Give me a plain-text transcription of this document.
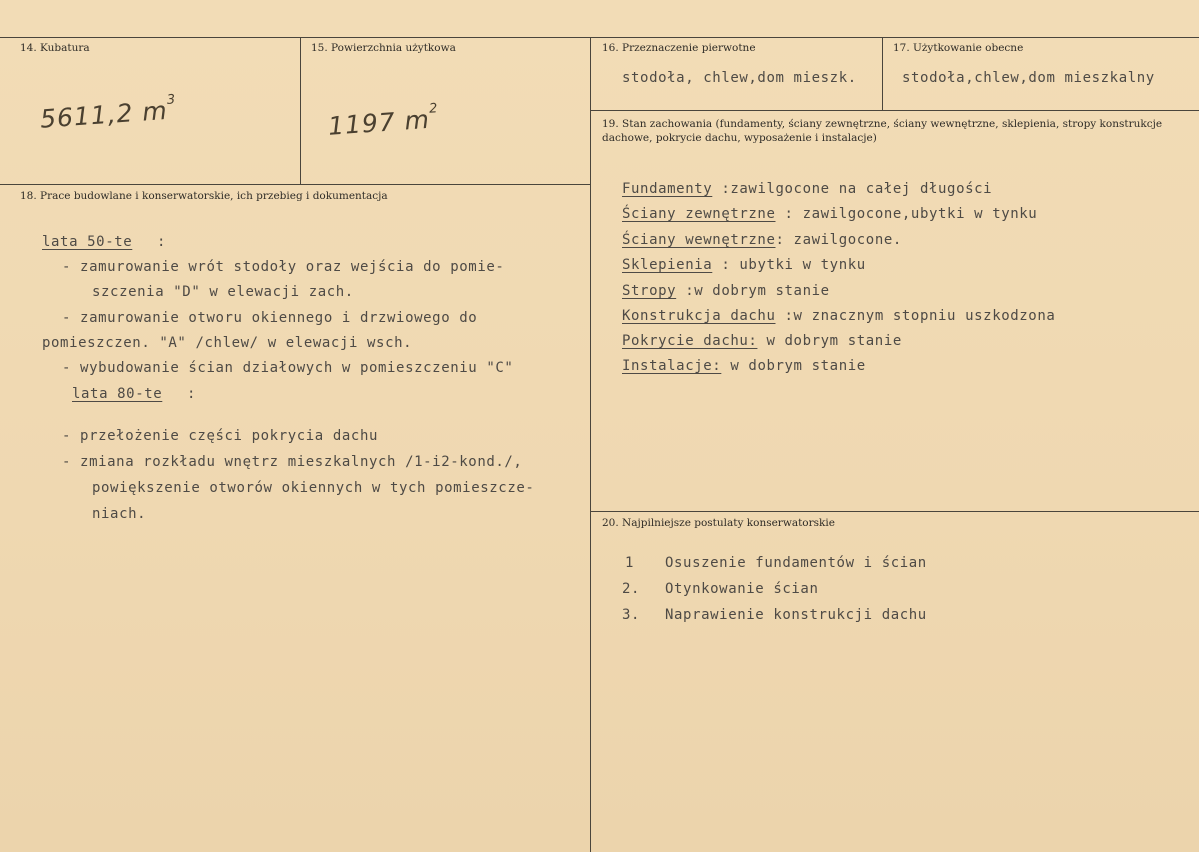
14. Kubatura
5611,2 $m^3$
15. Powierzchnia użytkowa
1197 $m^2$
16. Przeznaczenie pierwotne
stodoła, chlew,dom mieszk.
17. Użytkowanie obecne
stodoła,chlew,dom mieszkalny
18. Prace budowlane i konserwatorskie, ich przebieg i dokumentacja
lata 50-te :
- zamurowanie wrót stodoły oraz wejścia do pomie-
szczenia "D" w elewacji zach.
- zamurowanie otworu okiennego i drzwiowego do
pomieszczen. "A" /chlew/ w elewacji wsch.
- wybudowanie ścian działowych w pomieszczeniu "C"
lata 80-te :
- przełożenie części pokrycia dachu
- zmiana rozkładu wnętrz mieszkalnych /1-i2-kond./,
powiększenie otworów okiennych w tych pomieszcze-
niach.
19. Stan zachowania (fundamenty, ściany zewnętrzne, ściany wewnętrzne, sklepienia, stropy konstrukcje dachowe, pokrycie dachu, wyposażenie i instalacje)
Fundamenty :zawilgocone na całej długości
Ściany zewnętrzne : zawilgocone,ubytki w tynku
Ściany wewnętrzne: zawilgocone.
Sklepienia : ubytki w tynku
Stropy :w dobrym stanie
Konstrukcja dachu :w znacznym stopniu uszkodzona
Pokrycie dachu: w dobrym stanie
Instalacje: w dobrym stanie
20. Najpilniejsze postulaty konserwatorskie
1 Osuszenie fundamentów i ścian
2. Otynkowanie ścian
3. Naprawienie konstrukcji dachu
